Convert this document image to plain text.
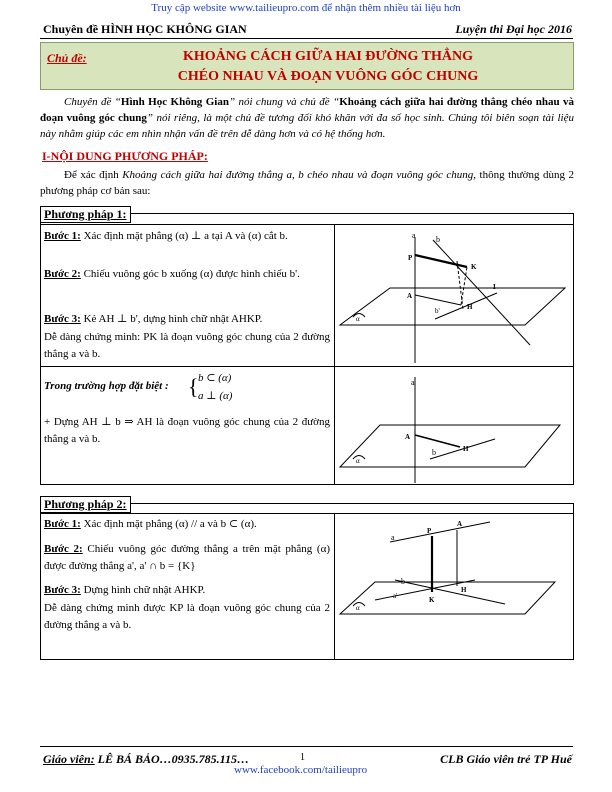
Truy cập website www.tailieupro.com để nhận thêm nhiều tài liệu hơn
Chuyên đề HÌNH HỌC KHÔNG GIAN	Luyện thi Đại học 2016
Chủ đề:	KHOẢNG CÁCH GIỮA HAI ĐƯỜNG THẲNG
CHÉO NHAU VÀ ĐOẠN VUÔNG GÓC CHUNG
Chuyên đề “Hình Học Không Gian” nói chung và chủ đề “Khoảng cách giữa hai đường thẳng chéo nhau và đoạn vuông góc chung” nói riêng, là một chủ đề tương đối khó khăn với đa số học sinh. Chúng tôi biên soạn tài liệu này nhằm giúp các em nhìn nhận vấn đề trên dễ dàng hơn và có hệ thống hơn.
I-NỘI DUNG PHƯƠNG PHÁP:
Để xác định Khoảng cách giữa hai đường thẳng a, b chéo nhau và đoạn vuông góc chung, thông thường dùng 2 phương pháp cơ bản sau:
Phương pháp 1:
Bước 1: Xác định mặt phẳng (α) ⊥ a tại A và (α) cắt b.
Bước 2: Chiếu vuông góc b xuống (α) được hình chiếu b'.
Bước 3: Kẻ AH ⊥ b', dựng hình chữ nhật AHKP.
Dễ dàng chứng minh: PK là đoạn vuông góc chung của 2 đường thẳng a và b.
Trong trường hợp đặt biệt : { b ⊂ (α)
a ⊥ (α)
+ Dựng AH ⊥ b ⇒ AH là đoạn vuông góc chung của 2 đường thẳng a và b.
a	b
P
K
A
I
b'	H
α
a
A
b	H
α
Phương pháp 2:
Bước 1: Xác định mặt phẳng (α) // a và b ⊂ (α).
Bước 2: Chiếu vuông góc đường thẳng a trên mặt phẳng (α) được đường thẳng a', a' ∩ b = {K}
Bước 3: Dựng hình chữ nhật AHKP.
Dễ dàng chứng minh được KP là đoạn vuông góc chung của 2 đường thẳng a và b.
P
A
a
b
a'	K
H
α
Giáo viên: LÊ BÁ BẢO…0935.785.115…	1
www.facebook.com/tailieupro
CLB Giáo viên trẻ TP Huế
